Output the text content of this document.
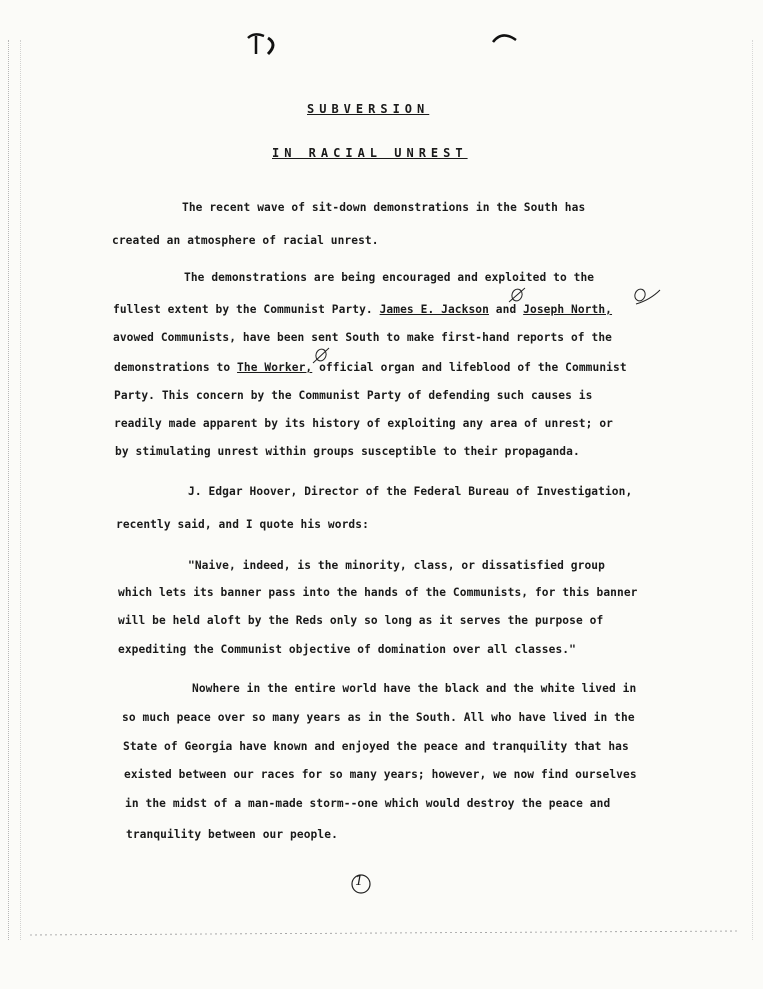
SUBVERSION
IN RACIAL UNREST
The recent wave of sit-down demonstrations in the South has
created an atmosphere of racial unrest.
The demonstrations are being encouraged and exploited to the
fullest extent by the Communist Party. James E. Jackson and Joseph North,
avowed Communists, have been sent South to make first-hand reports of the
demonstrations to The Worker, official organ and lifeblood of the Communist
Party. This concern by the Communist Party of defending such causes is
readily made apparent by its history of exploiting any area of unrest; or
by stimulating unrest within groups susceptible to their propaganda.
J. Edgar Hoover, Director of the Federal Bureau of Investigation,
recently said, and I quote his words:
"Naive, indeed, is the minority, class, or dissatisfied group
which lets its banner pass into the hands of the Communists, for this banner
will be held aloft by the Reds only so long as it serves the purpose of
expediting the Communist objective of domination over all classes."
Nowhere in the entire world have the black and the white lived in
so much peace over so many years as in the South. All who have lived in the
State of Georgia have known and enjoyed the peace and tranquility that has
existed between our races for so many years; however, we now find ourselves
in the midst of a man-made storm--one which would destroy the peace and
tranquility between our people.
1
